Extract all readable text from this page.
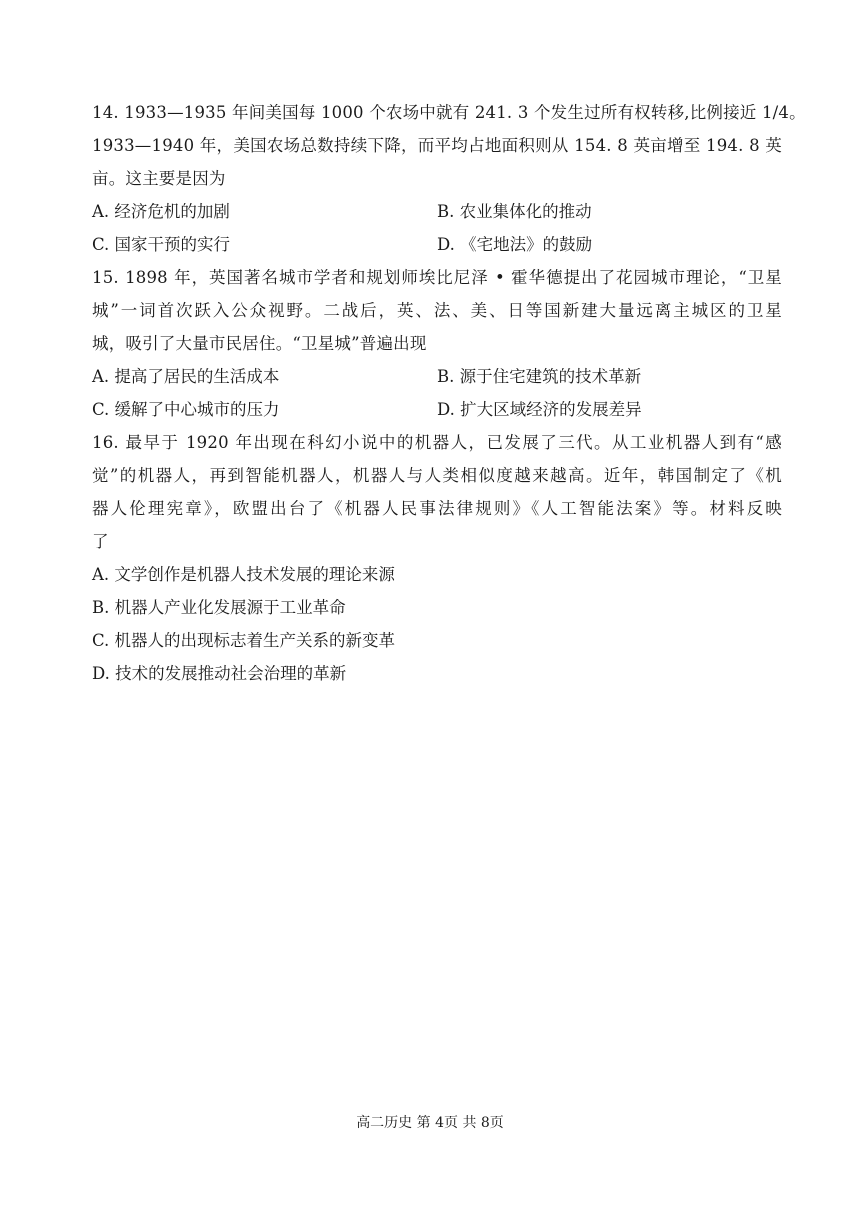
14. 1933—1935 年间美国每 1000 个农场中就有 241. 3 个发生过所有权转移,比例接近 1/4。
1933—1940 年，美国农场总数持续下降，而平均占地面积则从 154. 8 英亩增至 194. 8 英
亩。这主要是因为
A. 经济危机的加剧	B. 农业集体化的推动
C. 国家干预的实行	D. 《宅地法》的鼓励
15. 1898 年，英国著名城市学者和规划师埃比尼泽 • 霍华德提出了花园城市理论，“卫星
城”一词首次跃入公众视野。二战后，英、法、美、日等国新建大量远离主城区的卫星
城，吸引了大量市民居住。“卫星城”普遍出现
A. 提高了居民的生活成本	B. 源于住宅建筑的技术革新
C. 缓解了中心城市的压力	D. 扩大区域经济的发展差异
16. 最早于 1920 年出现在科幻小说中的机器人，已发展了三代。从工业机器人到有“感
觉”的机器人，再到智能机器人，机器人与人类相似度越来越高。近年，韩国制定了《机
器人伦理宪章》，欧盟出台了《机器人民事法律规则》《人工智能法案》等。材料反映
了
A. 文学创作是机器人技术发展的理论来源
B. 机器人产业化发展源于工业革命
C. 机器人的出现标志着生产关系的新变革
D. 技术的发展推动社会治理的革新
高二历史 第 4页 共 8页
